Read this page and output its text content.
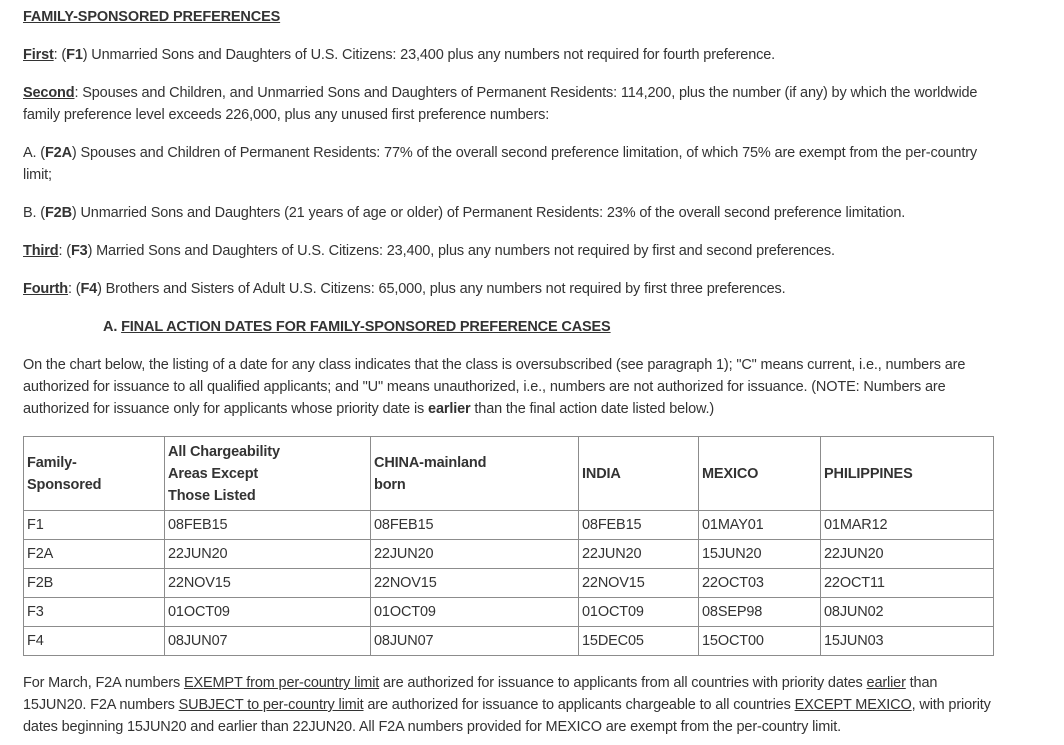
FAMILY-SPONSORED PREFERENCES

First: (F1) Unmarried Sons and Daughters of U.S. Citizens: 23,400 plus any numbers not required for fourth preference.

Second: Spouses and Children, and Unmarried Sons and Daughters of Permanent Residents: 114,200, plus the number (if any) by which the worldwide family preference level exceeds 226,000, plus any unused first preference numbers:

A. (F2A) Spouses and Children of Permanent Residents: 77% of the overall second preference limitation, of which 75% are exempt from the per-country limit;

B. (F2B) Unmarried Sons and Daughters (21 years of age or older) of Permanent Residents: 23% of the overall second preference limitation.

Third: (F3) Married Sons and Daughters of U.S. Citizens: 23,400, plus any numbers not required by first and second preferences.

Fourth: (F4) Brothers and Sisters of Adult U.S. Citizens: 65,000, plus any numbers not required by first three preferences.

A. FINAL ACTION DATES FOR FAMILY-SPONSORED PREFERENCE CASES

On the chart below, the listing of a date for any class indicates that the class is oversubscribed (see paragraph 1); "C" means current, i.e., numbers are authorized for issuance to all qualified applicants; and "U" means unauthorized, i.e., numbers are not authorized for issuance. (NOTE: Numbers are authorized for issuance only for applicants whose priority date is earlier than the final action date listed below.)

Family-
Sponsored	All Chargeability
Areas Except
Those Listed	CHINA-mainland
born	INDIA	MEXICO	PHILIPPINES
F1	08FEB15	08FEB15	08FEB15	01MAY01	01MAR12
F2A	22JUN20	22JUN20	22JUN20	15JUN20	22JUN20
F2B	22NOV15	22NOV15	22NOV15	22OCT03	22OCT11
F3	01OCT09	01OCT09	01OCT09	08SEP98	08JUN02
F4	08JUN07	08JUN07	15DEC05	15OCT00	15JUN03

For March, F2A numbers EXEMPT from per-country limit are authorized for issuance to applicants from all countries with priority dates earlier than 15JUN20. F2A numbers SUBJECT to per-country limit are authorized for issuance to applicants chargeable to all countries EXCEPT MEXICO, with priority dates beginning 15JUN20 and earlier than 22JUN20. All F2A numbers provided for MEXICO are exempt from the per-country limit.
